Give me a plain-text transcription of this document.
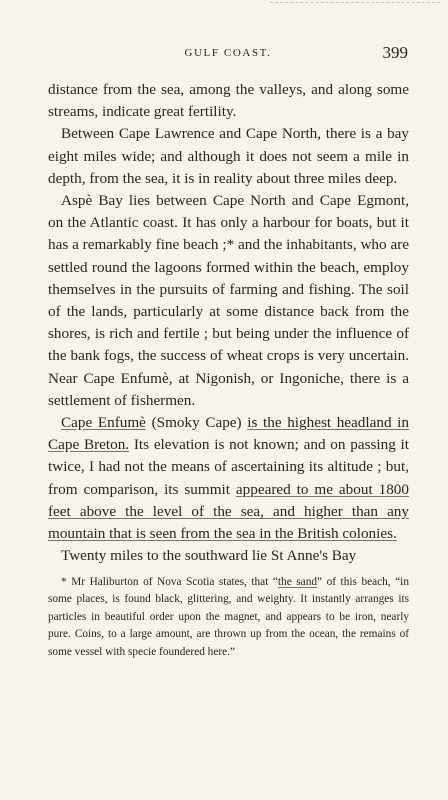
GULF COAST.	399

distance from the sea, among the valleys, and along some streams, indicate great fertility.

Between Cape Lawrence and Cape North, there is a bay eight miles wide; and although it does not seem a mile in depth, from the sea, it is in reality about three miles deep.

Aspè Bay lies between Cape North and Cape Egmont, on the Atlantic coast. It has only a harbour for boats, but it has a remarkably fine beach ;* and the inhabitants, who are settled round the lagoons formed within the beach, employ themselves in the pursuits of farming and fishing. The soil of the lands, particularly at some distance back from the shores, is rich and fertile ; but being under the influence of the bank fogs, the success of wheat crops is very uncertain. Near Cape Enfumè, at Nigonish, or Ingoniche, there is a settlement of fishermen.

Cape Enfumè (Smoky Cape) is the highest headland in Cape Breton. Its elevation is not known; and on passing it twice, I had not the means of ascertaining its altitude ; but, from comparison, its summit appeared to me about 1800 feet above the level of the sea, and higher than any mountain that is seen from the sea in the British colonies.

Twenty miles to the southward lie St Anne's Bay

* Mr Haliburton of Nova Scotia states, that “the sand” of this beach, “in some places, is found black, glittering, and weighty. It instantly arranges its particles in beautiful order upon the magnet, and appears to be iron, nearly pure. Coins, to a large amount, are thrown up from the ocean, the remains of some vessel with specie foundered here.”
